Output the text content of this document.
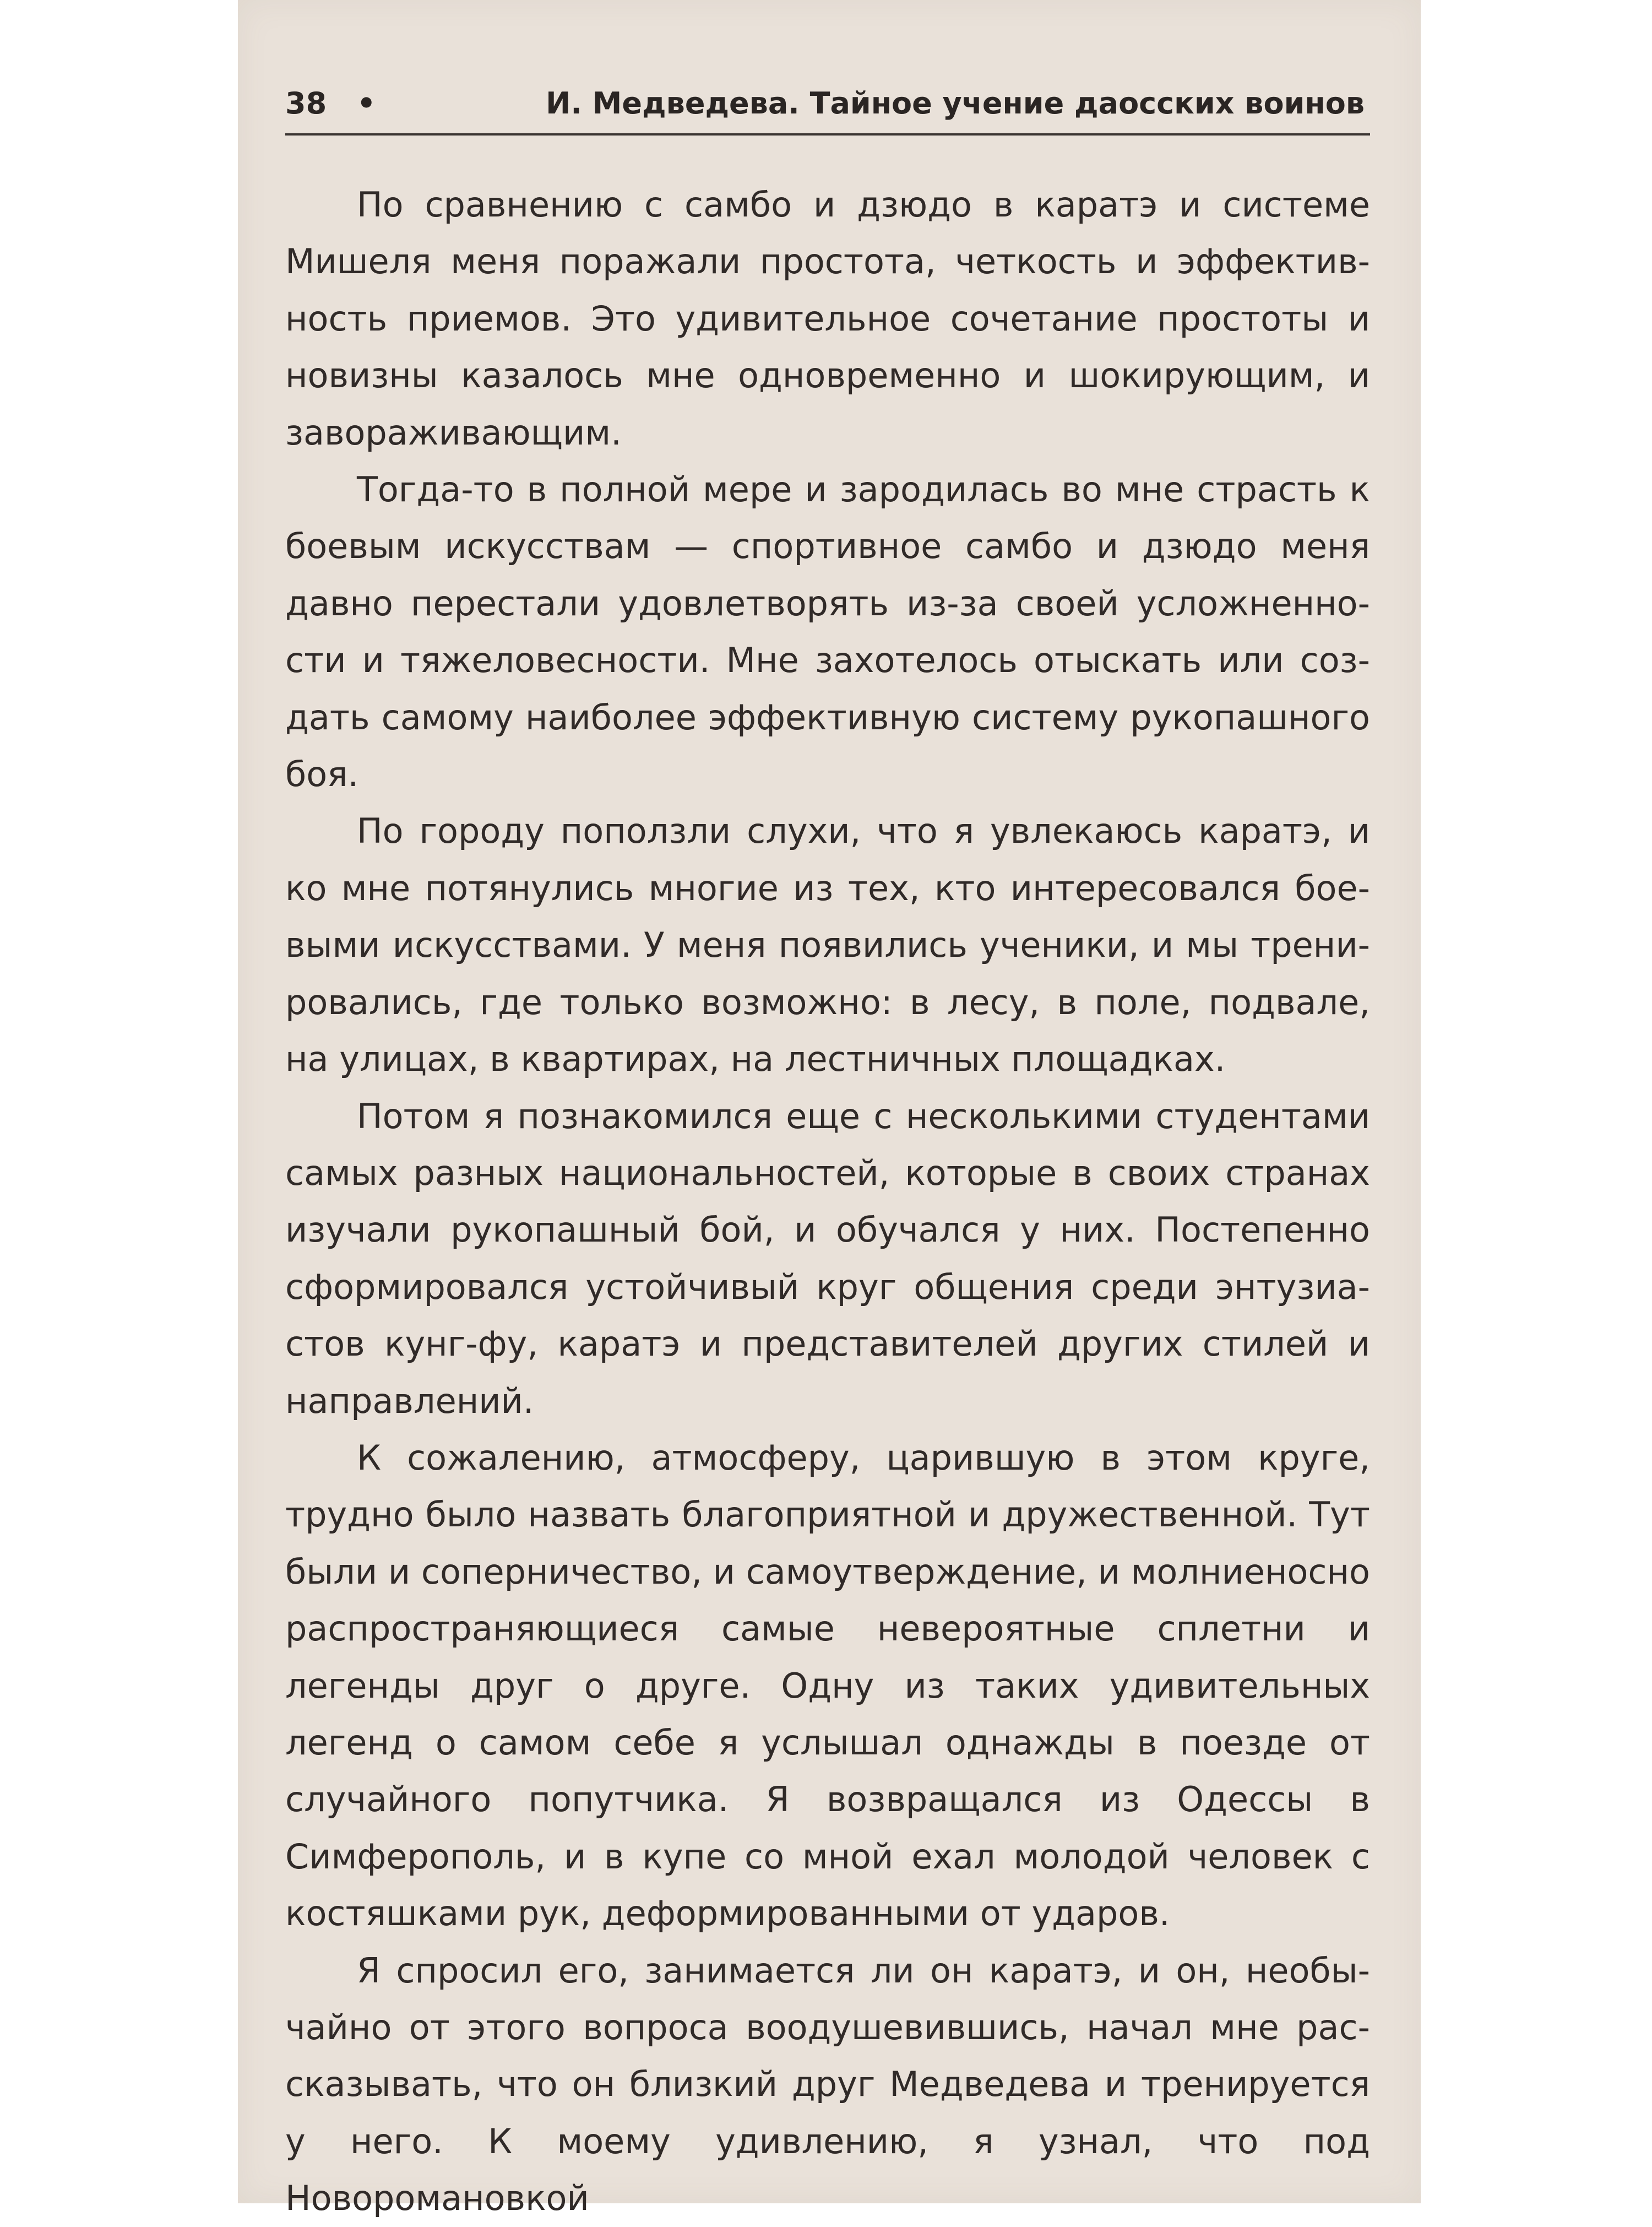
38 •	И. Медведева. Тайное учение даосских воинов

По сравнению с самбо и дзюдо в каратэ и системе Мишеля меня поражали простота, четкость и эффективность приемов. Это удивительное сочетание простоты и новизны казалось мне одновременно и шокирующим, и завораживающим.

Тогда-то в полной мере и зародилась во мне страсть к боевым искусствам — спортивное самбо и дзюдо меня давно перестали удовлетворять из-за своей усложненности и тяжеловесности. Мне захотелось отыскать или создать самому наиболее эффективную систему рукопашного боя.

По городу поползли слухи, что я увлекаюсь каратэ, и ко мне потянулись многие из тех, кто интересовался боевыми искусствами. У меня появились ученики, и мы тренировались, где только возможно: в лесу, в поле, подвале, на улицах, в квартирах, на лестничных площадках.

Потом я познакомился еще с несколькими студентами самых разных национальностей, которые в своих странах изучали рукопашный бой, и обучался у них. Постепенно сформировался устойчивый круг общения среди энтузиастов кунг-фу, каратэ и представителей других стилей и направлений.

К сожалению, атмосферу, царившую в этом круге, трудно было назвать благоприятной и дружественной. Тут были и соперничество, и самоутверждение, и молниеносно распространяющиеся самые невероятные сплетни и легенды друг о друге. Одну из таких удивительных легенд о самом себе я услышал однажды в поезде от случайного попутчика. Я возвращался из Одессы в Симферополь, и в купе со мной ехал молодой человек с костяшками рук, деформированными от ударов.

Я спросил его, занимается ли он каратэ, и он, необычайно от этого вопроса воодушевившись, начал мне рассказывать, что он близкий друг Медведева и тренируется у него. К моему удивлению, я узнал, что под Новоромановкой
